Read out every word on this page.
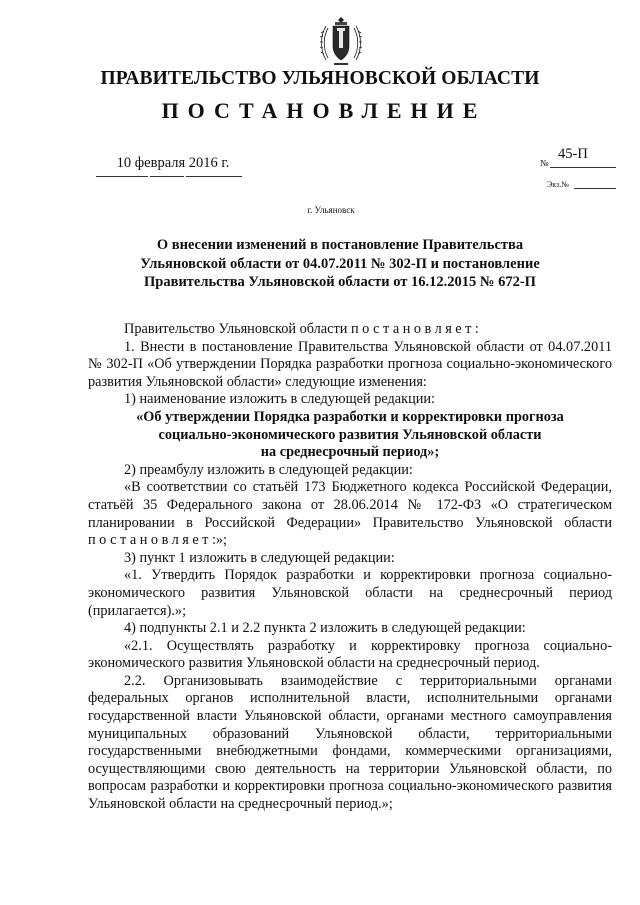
ПРАВИТЕЛЬСТВО УЛЬЯНОВСКОЙ ОБЛАСТИ
ПОСТАНОВЛЕНИЕ
10 февраля 2016 г.	№
45-П
Экз.№
г. Ульяновск
О внесении изменений в постановление Правительства
Ульяновской области от 04.07.2011 № 302-П и постановление
Правительства Ульяновской области от 16.12.2015 № 672-П

Правительство Ульяновской области постановляет:

1. Внести в постановление Правительства Ульяновской области от 04.07.2011 № 302-П «Об утверждении Порядка разработки прогноза социально-экономического развития Ульяновской области» следующие изменения:

1) наименование изложить в следующей редакции:

«Об утверждении Порядка разработки и корректировки прогноза

социально-экономического развития Ульяновской области

на среднесрочный период»;

2) преамбулу изложить в следующей редакции:

«В соответствии со статьёй 173 Бюджетного кодекса Российской Федерации, статьёй 35 Федерального закона от 28.06.2014 № 172-ФЗ «О стратегическом планировании в Российской Федерации» Правительство Ульяновской области постановляет:»;

3) пункт 1 изложить в следующей редакции:

«1. Утвердить Порядок разработки и корректировки прогноза социально-экономического развития Ульяновской области на среднесрочный период (прилагается).»;

4) подпункты 2.1 и 2.2 пункта 2 изложить в следующей редакции:

«2.1. Осуществлять разработку и корректировку прогноза социально-экономического развития Ульяновской области на среднесрочный период.

2.2. Организовывать взаимодействие с территориальными органами федеральных органов исполнительной власти, исполнительными органами государственной власти Ульяновской области, органами местного самоуправления муниципальных образований Ульяновской области, территориальными государственными внебюджетными фондами, коммерческими организациями, осуществляющими свою деятельность на территории Ульяновской области, по вопросам разработки и корректировки прогноза социально-экономического развития Ульяновской области на среднесрочный период.»;
